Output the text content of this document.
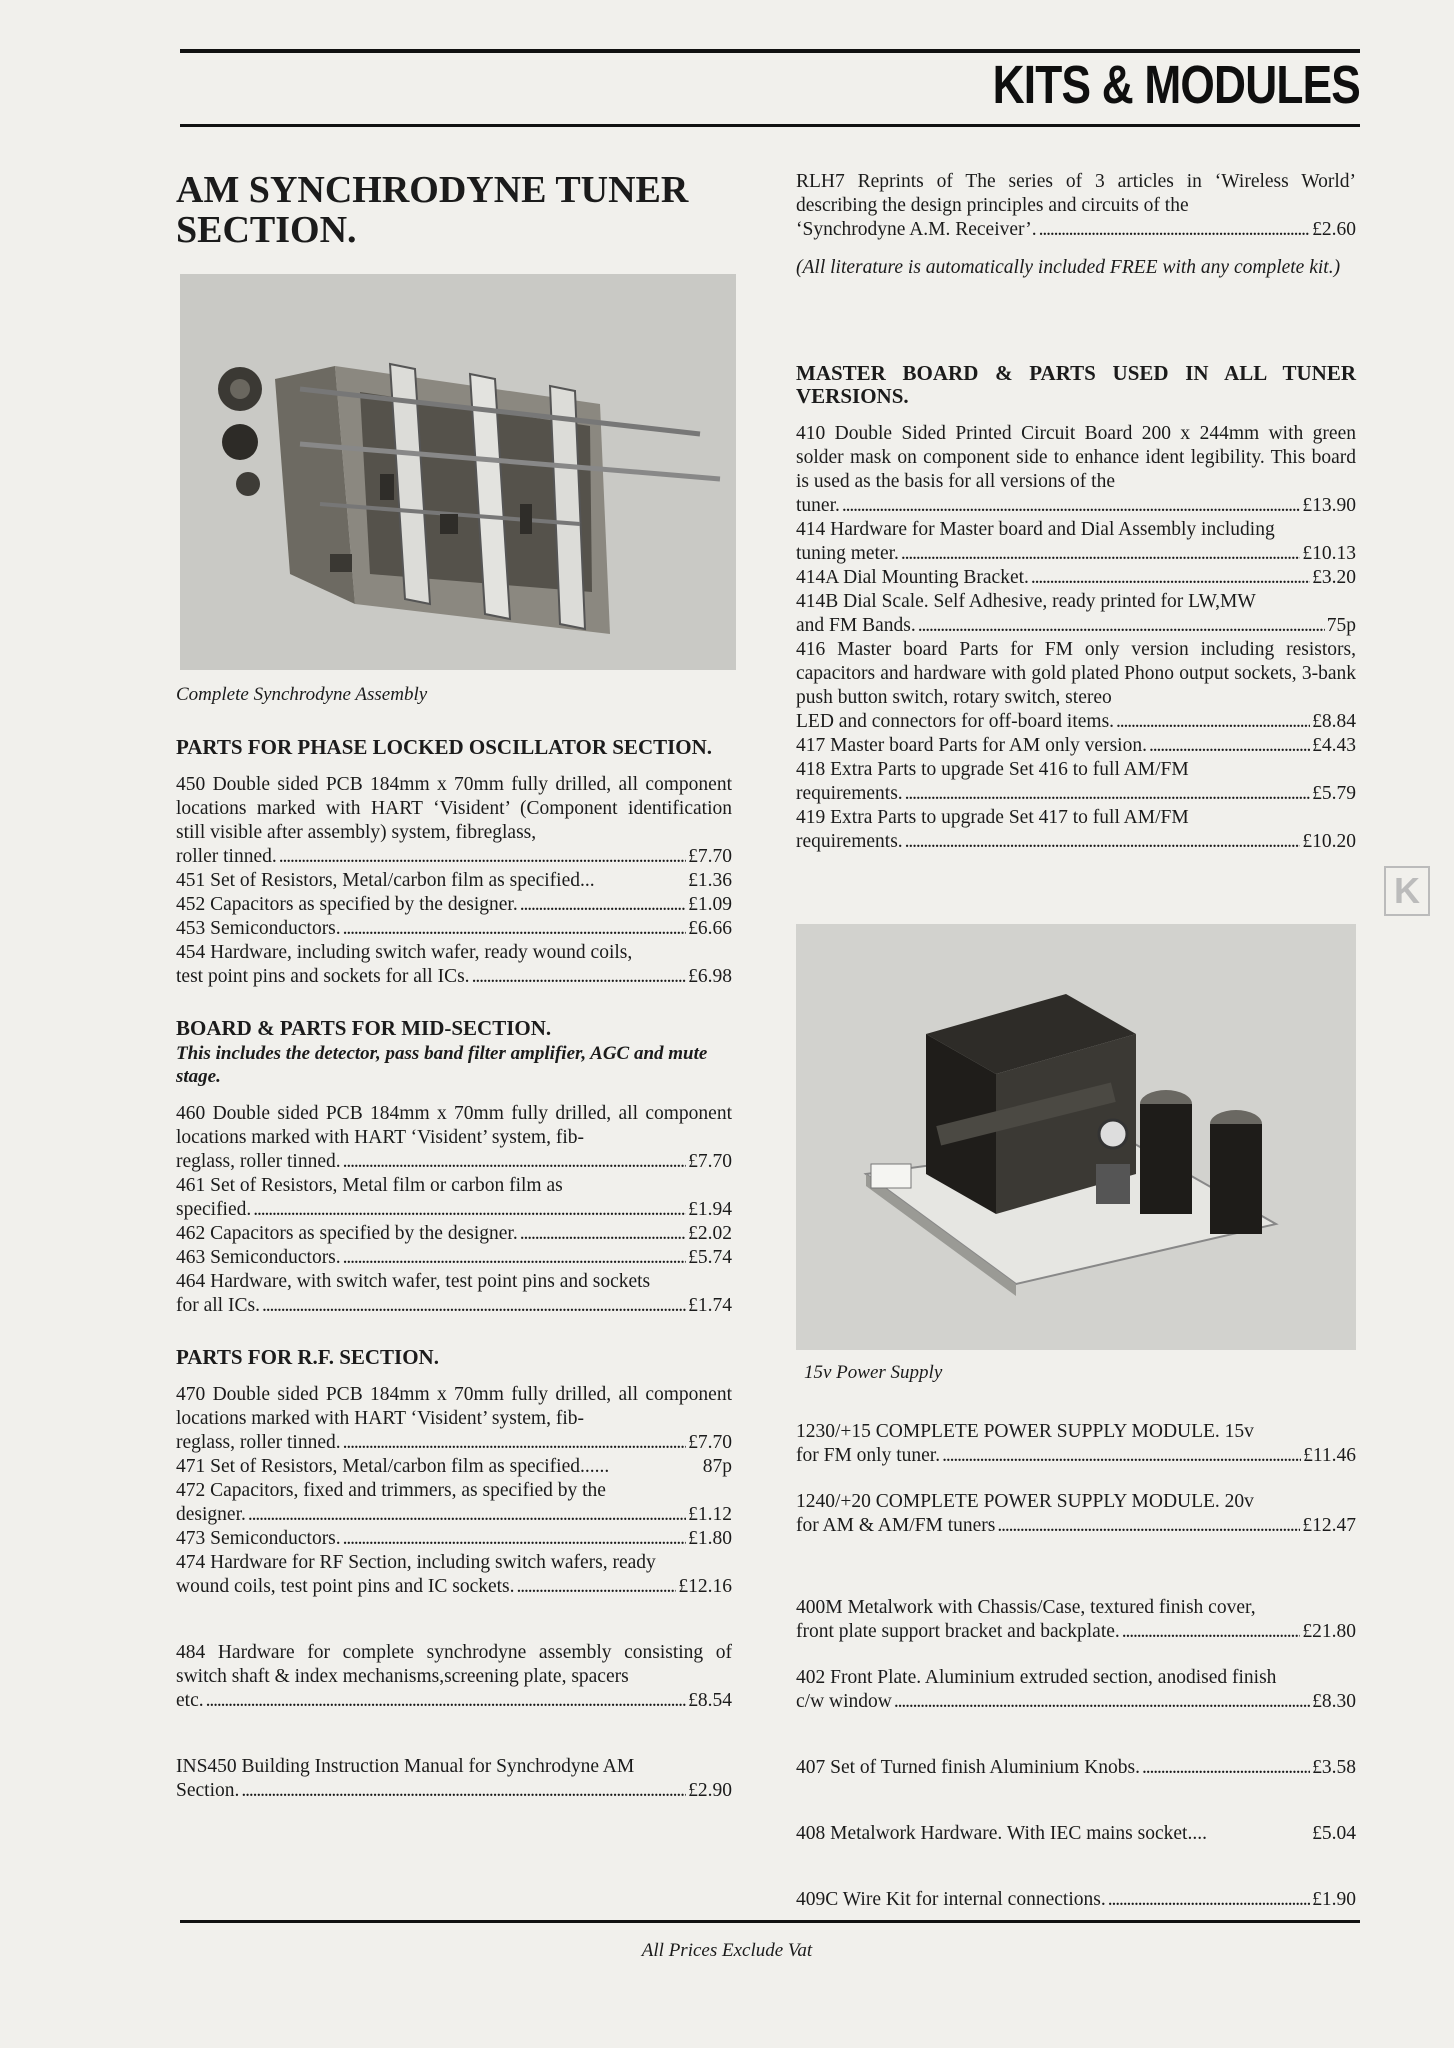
KITS & MODULES
K
AM SYNCHRODYNE TUNER
SECTION.
Complete Synchrodyne Assembly
PARTS FOR PHASE LOCKED OSCILLATOR SECTION.
450 Double sided PCB 184mm x 70mm fully drilled, all component locations marked with HART ‘Visident’ (Component identification still visible after assembly) system, fibreglass,
roller tinned. . . .	£7.70
451 Set of Resistors, Metal/carbon film as specified...	£1.36
452 Capacitors as specified by the designer. . . .	£1.09
453 Semiconductors. . . .	£6.66
454 Hardware, including switch wafer, ready wound coils,
test point pins and sockets for all ICs. . . .	£6.98
BOARD & PARTS FOR MID-SECTION.
This includes the detector, pass band filter amplifier, AGC and mute stage.
460 Double sided PCB 184mm x 70mm fully drilled, all component locations marked with HART ‘Visident’ system, fib-
reglass, roller tinned. . . .	£7.70
461 Set of Resistors, Metal film or carbon film as
specified. . . .	£1.94
462 Capacitors as specified by the designer. . . .	£2.02
463 Semiconductors. . . .	£5.74
464 Hardware, with switch wafer, test point pins and sockets
for all ICs. . . .	£1.74
PARTS FOR R.F. SECTION.
470 Double sided PCB 184mm x 70mm fully drilled, all component locations marked with HART ‘Visident’ system, fib-
reglass, roller tinned. . . .	£7.70
471 Set of Resistors, Metal/carbon film as specified......	87p
472 Capacitors, fixed and trimmers, as specified by the
designer. . . .	£1.12
473 Semiconductors. . . .	£1.80
474 Hardware for RF Section, including switch wafers, ready
wound coils, test point pins and IC sockets. . . .	£12.16
484 Hardware for complete synchrodyne assembly consisting of switch shaft & index mechanisms,screening plate, spacers
etc. . . .	£8.54
INS450 Building Instruction Manual for Synchrodyne AM
Section. . . .	£2.90
RLH7 Reprints of The series of 3 articles in ‘Wireless World’ describing the design principles and circuits of the
‘Synchrodyne A.M. Receiver’. . . .	£2.60
(All literature is automatically included FREE with any complete kit.)
MASTER BOARD & PARTS USED IN ALL TUNER VERSIONS.
410 Double Sided Printed Circuit Board 200 x 244mm with green solder mask on component side to enhance ident legibility. This board is used as the basis for all versions of the
tuner. . . .	£13.90
414 Hardware for Master board and Dial Assembly including
tuning meter. . . .	£10.13
414A Dial Mounting Bracket. . . .	£3.20
414B Dial Scale. Self Adhesive, ready printed for LW,MW
and FM Bands. . . .	75p
416 Master board Parts for FM only version including resistors, capacitors and hardware with gold plated Phono output sockets, 3-bank push button switch, rotary switch, stereo
LED and connectors for off-board items. . . .	£8.84
417 Master board Parts for AM only version. . . .	£4.43
418 Extra Parts to upgrade Set 416 to full AM/FM
requirements. . . .	£5.79
419 Extra Parts to upgrade Set 417 to full AM/FM
requirements. . . .	£10.20
15v Power Supply
1230/+15 COMPLETE POWER SUPPLY MODULE. 15v
for FM only tuner. . . .	£11.46
1240/+20 COMPLETE POWER SUPPLY MODULE. 20v
for AM & AM/FM tuners . . .	£12.47
400M Metalwork with Chassis/Case, textured finish cover,
front plate support bracket and backplate. . . .	£21.80
402 Front Plate. Aluminium extruded section, anodised finish
c/w window . . .	£8.30
407 Set of Turned finish Aluminium Knobs. . . .	£3.58
408 Metalwork Hardware. With IEC mains socket....	£5.04
409C Wire Kit for internal connections. . . .	£1.90
All Prices Exclude Vat
